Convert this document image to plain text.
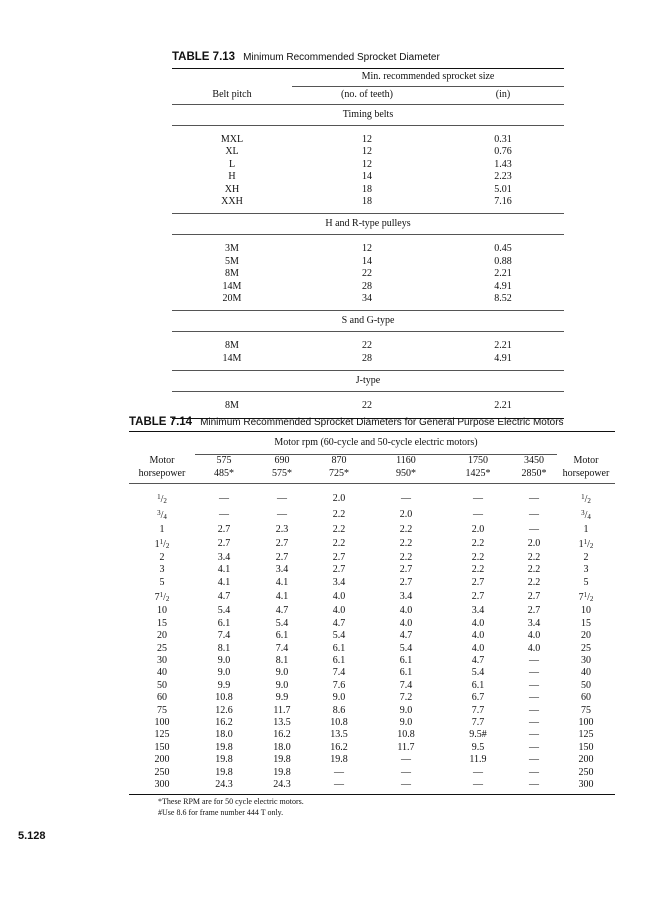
TABLE 7.13 Minimum Recommended Sprocket Diameter
	Min. recommended sprocket size	
Belt pitch	(no. of teeth)	(in)
Timing belts		

MXL	12	0.31
XL	12	0.76
L	12	1.43
H	14	2.23
XH	18	5.01
XXH	18	7.16

H and R-type pulleys		

3M	12	0.45
5M	14	0.88
8M	22	2.21
14M	28	4.91
20M	34	8.52

S and G-type		

8M	22	2.21
14M	28	4.91

J-type		

8M	22	2.21

TABLE 7.14 Minimum Recommended Sprocket Diameters for General Purpose Electric Motors
	Motor rpm (60-cycle and 50-cycle electric motors)						
Motor	575	690	870	1160	1750	3450	Motor
horsepower	485*	575*	725*	950*	1425*	2850*	horsepower

$^1/_2$	—	—	2.0	—	—	—	$^1/_2$
$^3/_4$	—	—	2.2	2.0	—	—	$^3/_4$
1	2.7	2.3	2.2	2.2	2.0	—	1
$1^1/_2$	2.7	2.7	2.2	2.2	2.2	2.0	$1^1/_2$
2	3.4	2.7	2.7	2.2	2.2	2.2	2
3	4.1	3.4	2.7	2.7	2.2	2.2	3
5	4.1	4.1	3.4	2.7	2.7	2.2	5
$7^1/_2$	4.7	4.1	4.0	3.4	2.7	2.7	$7^1/_2$
10	5.4	4.7	4.0	4.0	3.4	2.7	10
15	6.1	5.4	4.7	4.0	4.0	3.4	15
20	7.4	6.1	5.4	4.7	4.0	4.0	20
25	8.1	7.4	6.1	5.4	4.0	4.0	25
30	9.0	8.1	6.1	6.1	4.7	—	30
40	9.0	9.0	7.4	6.1	5.4	—	40
50	9.9	9.0	7.6	7.4	6.1	—	50
60	10.8	9.9	9.0	7.2	6.7	—	60
75	12.6	11.7	8.6	9.0	7.7	—	75
100	16.2	13.5	10.8	9.0	7.7	—	100
125	18.0	16.2	13.5	10.8	9.5#	—	125
150	19.8	18.0	16.2	11.7	9.5	—	150
200	19.8	19.8	19.8	—	11.9	—	200
250	19.8	19.8	—	—	—	—	250
300	24.3	24.3	—	—	—	—	300

*These RPM are for 50 cycle electric motors.
#Use 8.6 for frame number 444 T only.
5.128
